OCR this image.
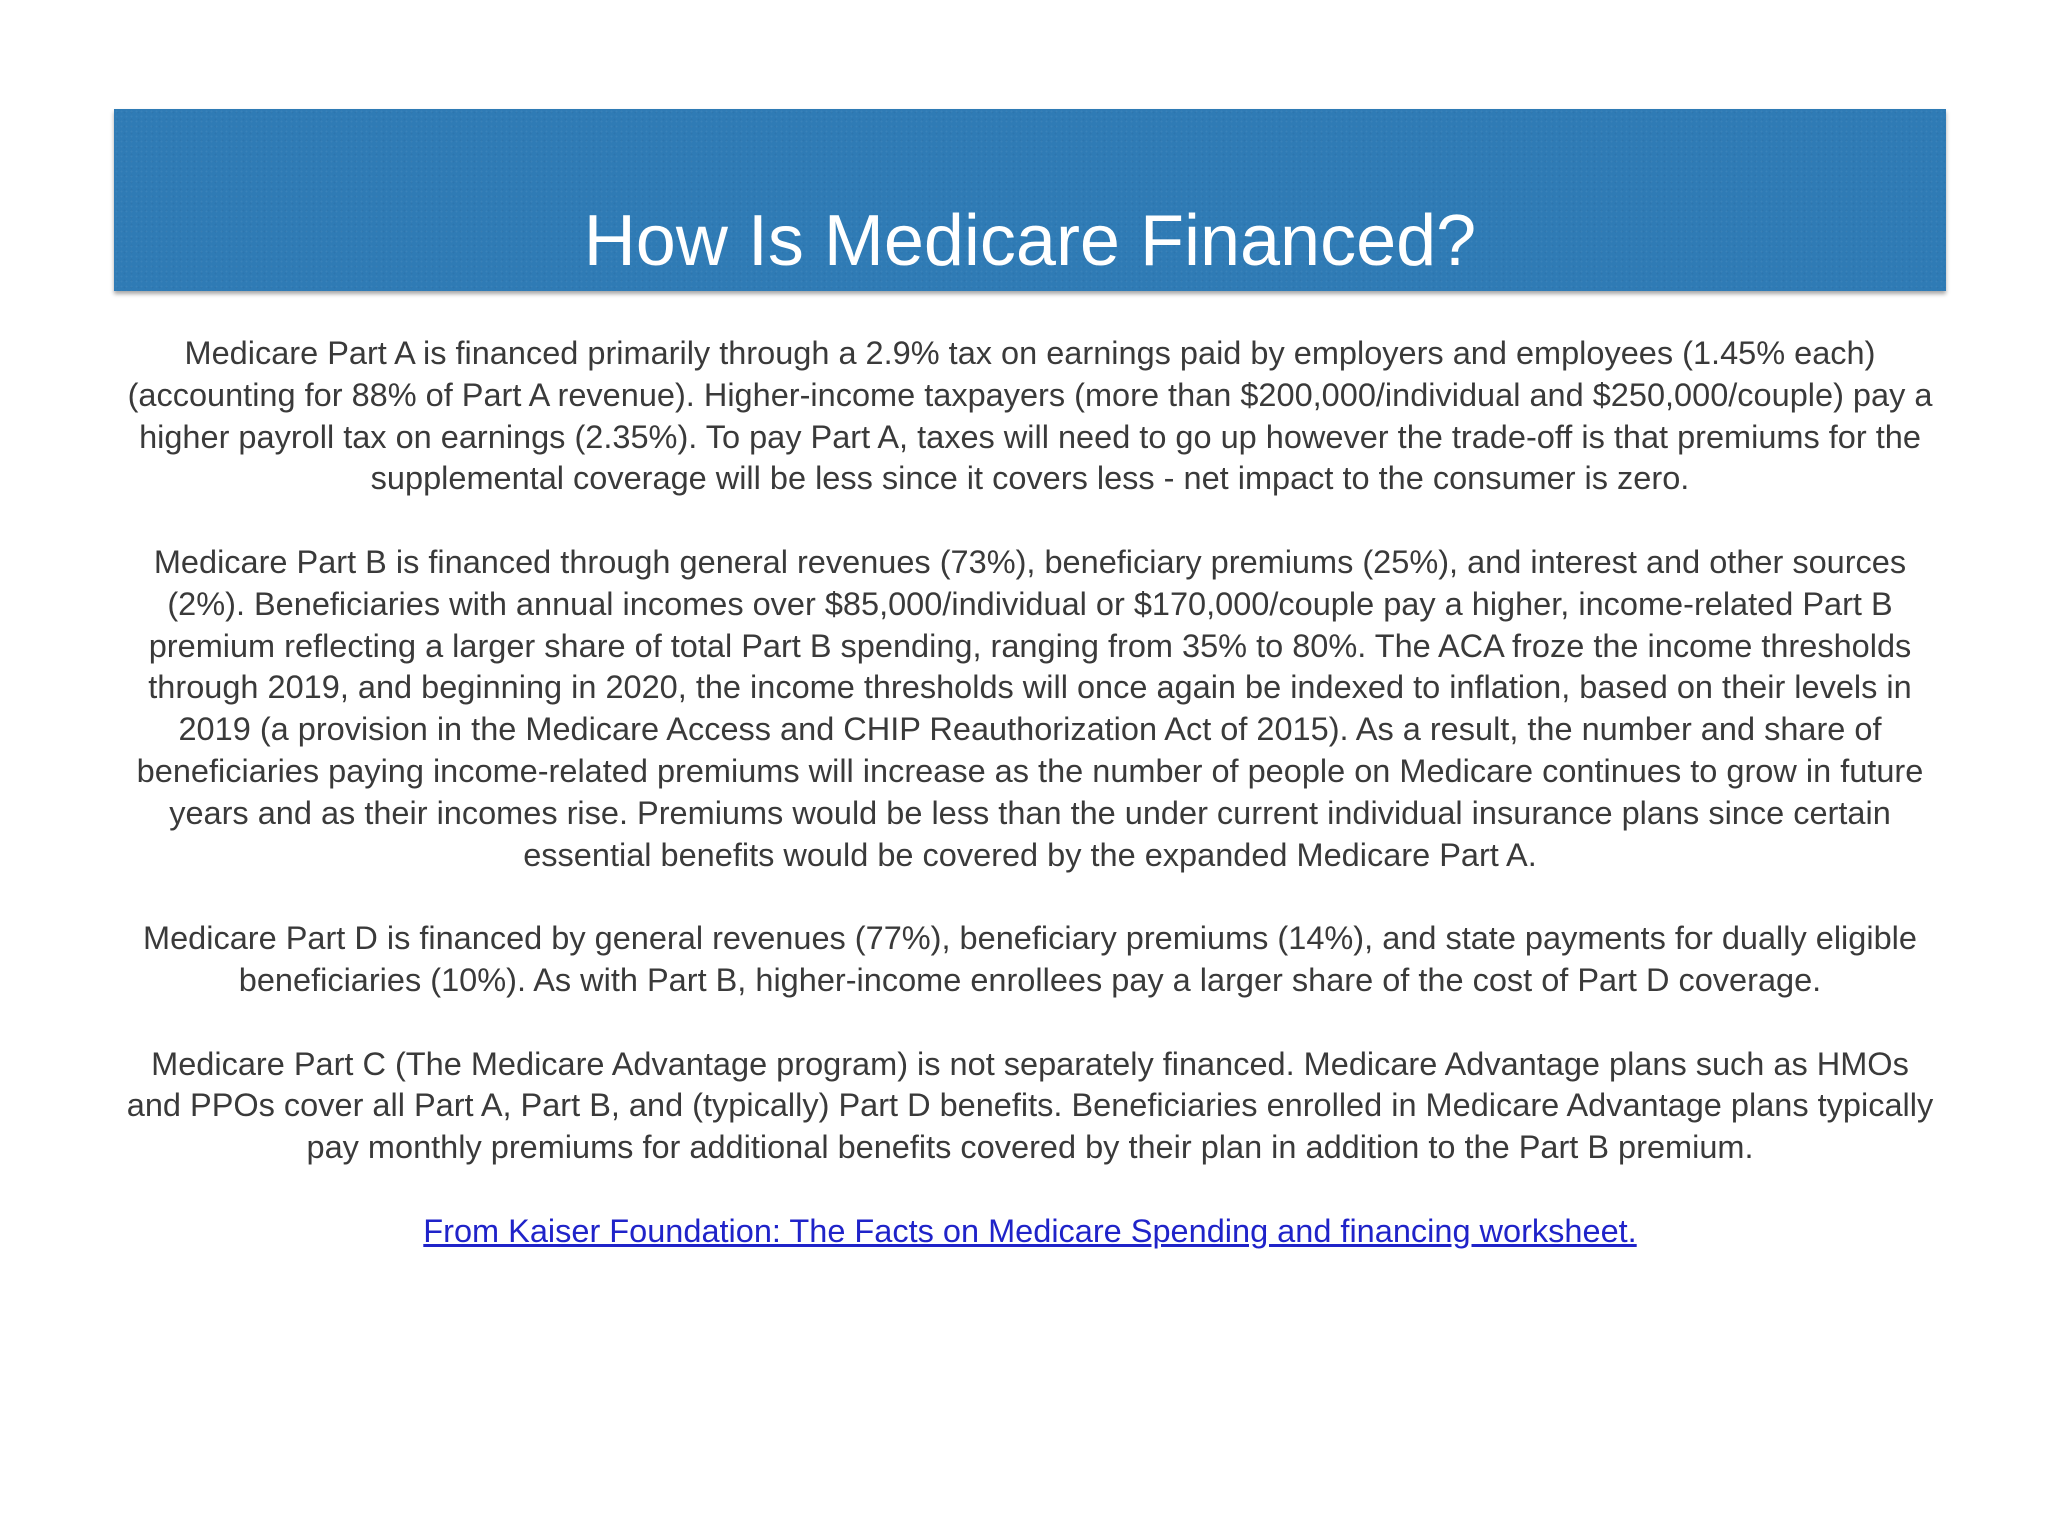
How Is Medicare Financed?

Medicare Part A is financed primarily through a 2.9% tax on earnings paid by employers and employees (1.45% each) (accounting for 88% of Part A revenue). Higher-income taxpayers (more than $200,000/individual and $250,000/couple) pay a higher payroll tax on earnings (2.35%). To pay Part A, taxes will need to go up however the trade-off is that premiums for the supplemental coverage will be less since it covers less - net impact to the consumer is zero.

Medicare Part B is financed through general revenues (73%), beneficiary premiums (25%), and interest and other sources (2%). Beneficiaries with annual incomes over $85,000/individual or $170,000/couple pay a higher, income-related Part B premium reflecting a larger share of total Part B spending, ranging from 35% to 80%. The ACA froze the income thresholds through 2019, and beginning in 2020, the income thresholds will once again be indexed to inflation, based on their levels in 2019 (a provision in the Medicare Access and CHIP Reauthorization Act of 2015). As a result, the number and share of beneficiaries paying income-related premiums will increase as the number of people on Medicare continues to grow in future years and as their incomes rise. Premiums would be less than the under current individual insurance plans since certain essential benefits would be covered by the expanded Medicare Part A.

Medicare Part D is financed by general revenues (77%), beneficiary premiums (14%), and state payments for dually eligible beneficiaries (10%). As with Part B, higher-income enrollees pay a larger share of the cost of Part D coverage.

Medicare Part C (The Medicare Advantage program) is not separately financed. Medicare Advantage plans such as HMOs and PPOs cover all Part A, Part B, and (typically) Part D benefits. Beneficiaries enrolled in Medicare Advantage plans typically pay monthly premiums for additional benefits covered by their plan in addition to the Part B premium.

From Kaiser Foundation: The Facts on Medicare Spending and financing worksheet.
